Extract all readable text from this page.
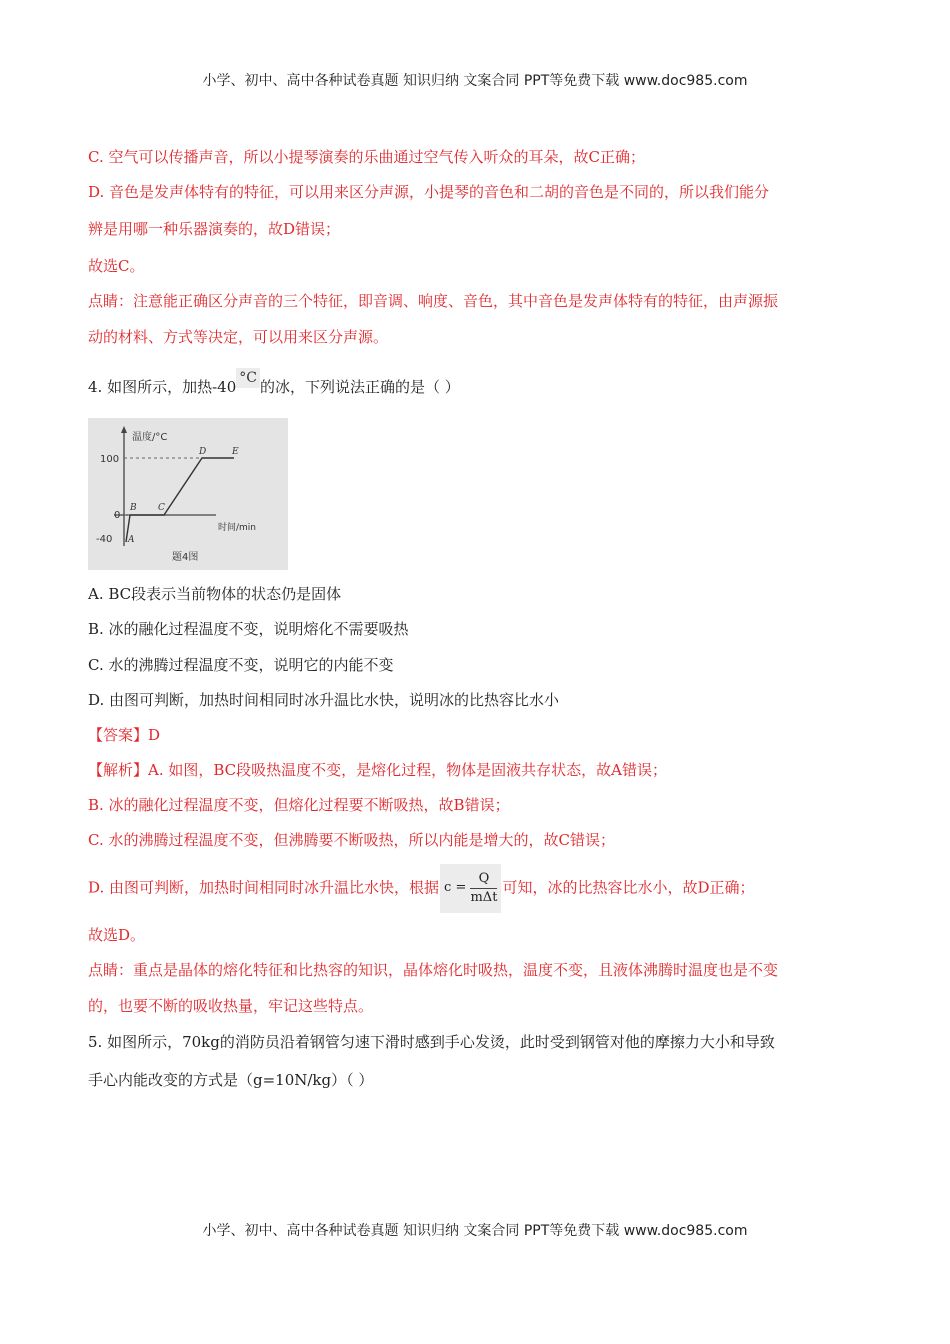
小学、初中、高中各种试卷真题 知识归纳 文案合同 PPT等免费下载 www.doc985.com
C. 空气可以传播声音，所以小提琴演奏的乐曲通过空气传入听众的耳朵，故C正确；
D. 音色是发声体特有的特征，可以用来区分声源，小提琴的音色和二胡的音色是不同的，所以我们能分
辨是用哪一种乐器演奏的，故D错误；
故选C。
点睛：注意能正确区分声音的三个特征，即音调、响度、音色，其中音色是发声体特有的特征，由声源振
动的材料、方式等决定，可以用来区分声源。
4. 如图所示，加热-40 °C 的冰，下列说法正确的是（ ）
温度/°C
100
0
-40
时间/min
A
B C
D	E
题4图
A. BC段表示当前物体的状态仍是固体
B. 冰的融化过程温度不变，说明熔化不需要吸热
C. 水的沸腾过程温度不变，说明它的内能不变
D. 由图可判断，加热时间相同时冰升温比水快，说明冰的比热容比水小
【答案】D
【解析】A. 如图，BC段吸热温度不变，是熔化过程，物体是固液共存状态，故A错误；
B. 冰的融化过程温度不变，但熔化过程要不断吸热，故B错误；
C. 水的沸腾过程温度不变，但沸腾要不断吸热，所以内能是增大的，故C错误；
D. 由图可判断，加热时间相同时冰升温比水快，根据 $c = \frac{Q}{\text{mΔt}}$ 可知，冰的比热容比水小，故D正确；
故选D。
点睛：重点是晶体的熔化特征和比热容的知识，晶体熔化时吸热，温度不变，且液体沸腾时温度也是不变
的，也要不断的吸收热量，牢记这些特点。
5. 如图所示，70kg的消防员沿着钢管匀速下滑时感到手心发烫，此时受到钢管对他的摩擦力大小和导致
手心内能改变的方式是（g=10N/kg）（ ）
小学、初中、高中各种试卷真题 知识归纳 文案合同 PPT等免费下载 www.doc985.com
